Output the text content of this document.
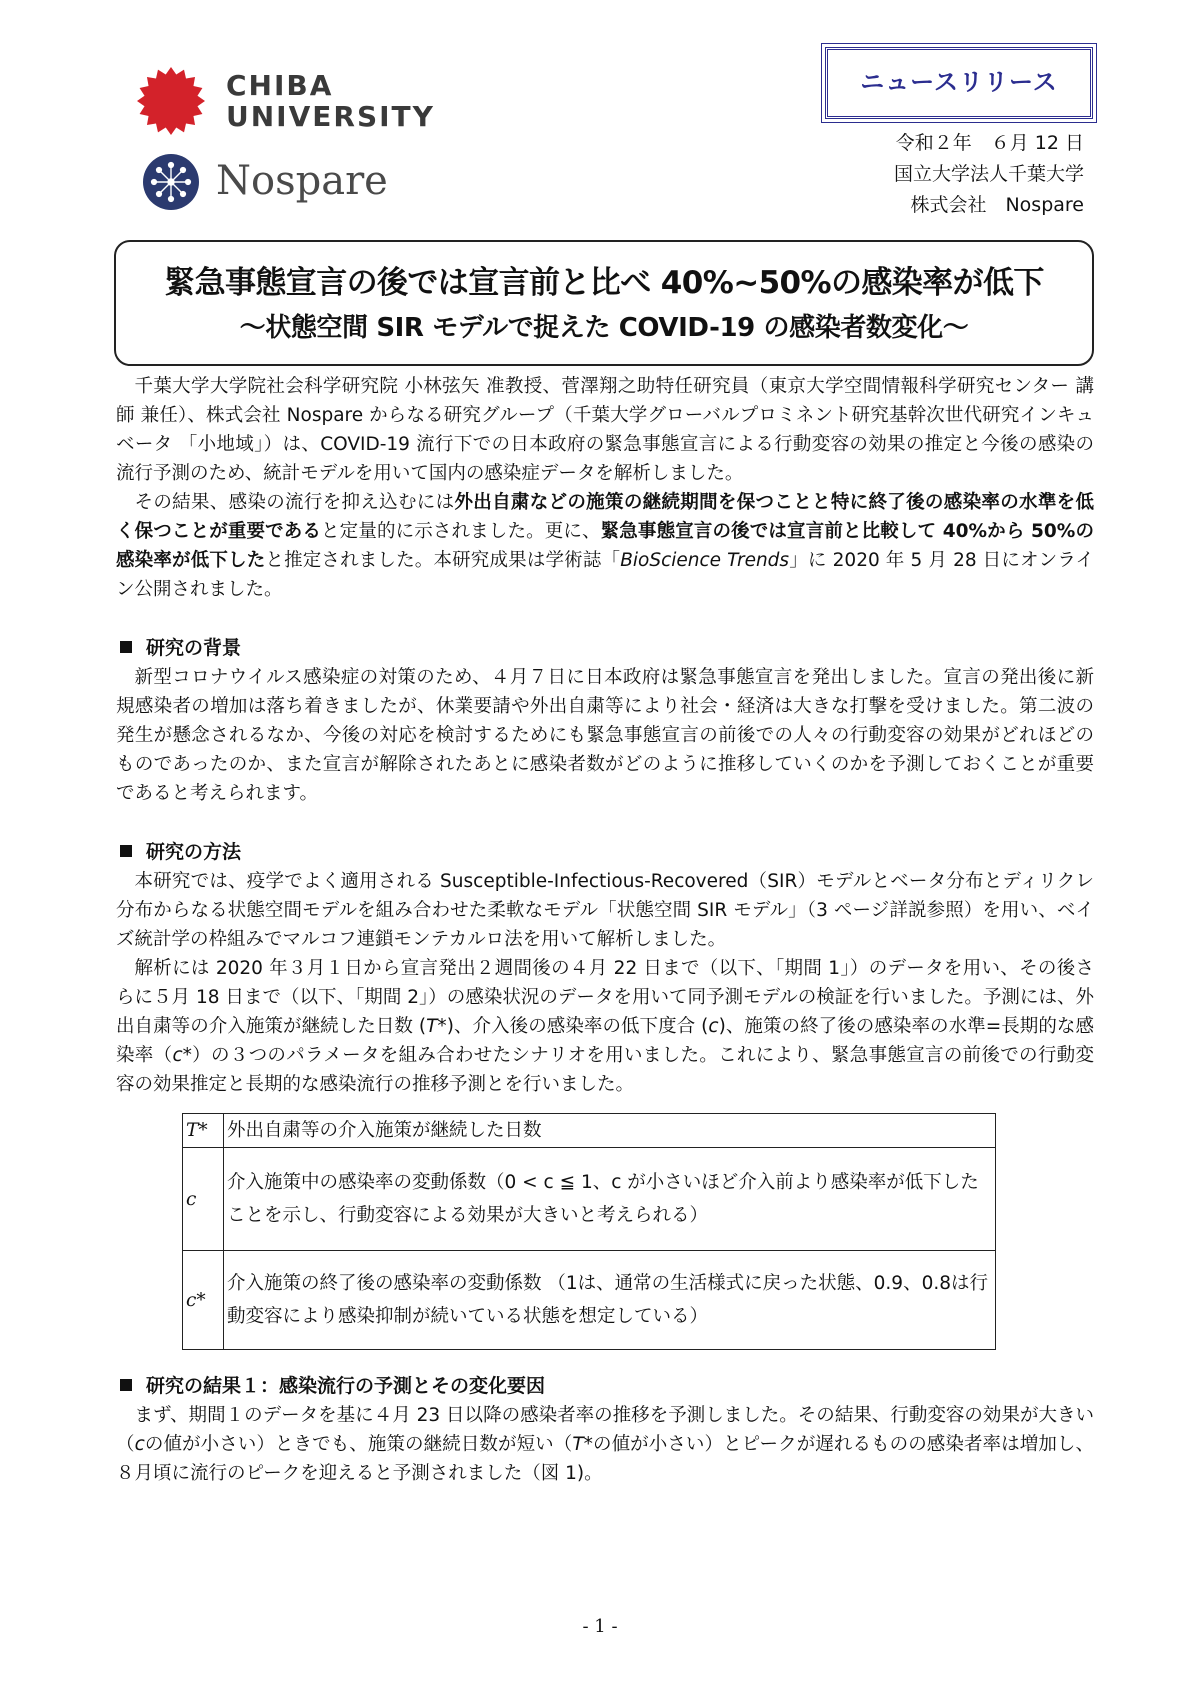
CHIBA
UNIVERSITY
Nospare
ニュースリリース
令和２年　６月 12 日
国立大学法人千葉大学
株式会社　Nospare
緊急事態宣言の後では宣言前と比べ 40%~50%の感染率が低下
～状態空間 SIR モデルで捉えた COVID-19 の感染者数変化～

千葉大学大学院社会科学研究院 小林弦矢 准教授、菅澤翔之助特任研究員（東京大学空間情報科学研究センター 講師 兼任）、株式会社 Nospare からなる研究グループ（千葉大学グローバルプロミネント研究基幹次世代研究インキュベータ 「小地域」）は、COVID-19 流行下での日本政府の緊急事態宣言による行動変容の効果の推定と今後の感染の流行予測のため、統計モデルを用いて国内の感染症データを解析しました。

その結果、感染の流行を抑え込むには外出自粛などの施策の継続期間を保つことと特に終了後の感染率の水準を低く保つことが重要であると定量的に示されました。更に、緊急事態宣言の後では宣言前と比較して 40%から 50%の感染率が低下したと推定されました。本研究成果は学術誌「BioScience Trends」に 2020 年 5 月 28 日にオンライン公開されました。

研究の背景

新型コロナウイルス感染症の対策のため、４月７日に日本政府は緊急事態宣言を発出しました。宣言の発出後に新規感染者の増加は落ち着きましたが、休業要請や外出自粛等により社会・経済は大きな打撃を受けました。第二波の発生が懸念されるなか、今後の対応を検討するためにも緊急事態宣言の前後での人々の行動変容の効果がどれほどのものであったのか、また宣言が解除されたあとに感染者数がどのように推移していくのかを予測しておくことが重要であると考えられます。

研究の方法

本研究では、疫学でよく適用される Susceptible-Infectious-Recovered（SIR）モデルとベータ分布とディリクレ分布からなる状態空間モデルを組み合わせた柔軟なモデル「状態空間 SIR モデル」（3 ページ詳説参照）を用い、ベイズ統計学の枠組みでマルコフ連鎖モンテカルロ法を用いて解析しました。

解析には 2020 年３月１日から宣言発出２週間後の４月 22 日まで（以下、「期間 1」）のデータを用い、その後さらに５月 18 日まで（以下、「期間 2」）の感染状況のデータを用いて同予測モデルの検証を行いました。予測には、外出自粛等の介入施策が継続した日数 (T*)、介入後の感染率の低下度合 (c)、施策の終了後の感染率の水準=長期的な感染率（c*）の３つのパラメータを組み合わせたシナリオを用いました。これにより、緊急事態宣言の前後での行動変容の効果推定と長期的な感染流行の推移予測とを行いました。

T*	外出自粛等の介入施策が継続した日数
c	介入施策中の感染率の変動係数（0 < c ≦ 1、c が小さいほど介入前より感染率が低下したことを示し、行動変容による効果が大きいと考えられる）
c*	介入施策の終了後の感染率の変動係数 （1は、通常の生活様式に戻った状態、0.9、0.8は行動変容により感染抑制が続いている状態を想定している）

研究の結果１：感染流行の予測とその変化要因

まず、期間１のデータを基に４月 23 日以降の感染者率の推移を予測しました。その結果、行動変容の効果が大きい（cの値が小さい）ときでも、施策の継続日数が短い（T*の値が小さい）とピークが遅れるものの感染者率は増加し、８月頃に流行のピークを迎えると予測されました（図 1)。

- 1 -
